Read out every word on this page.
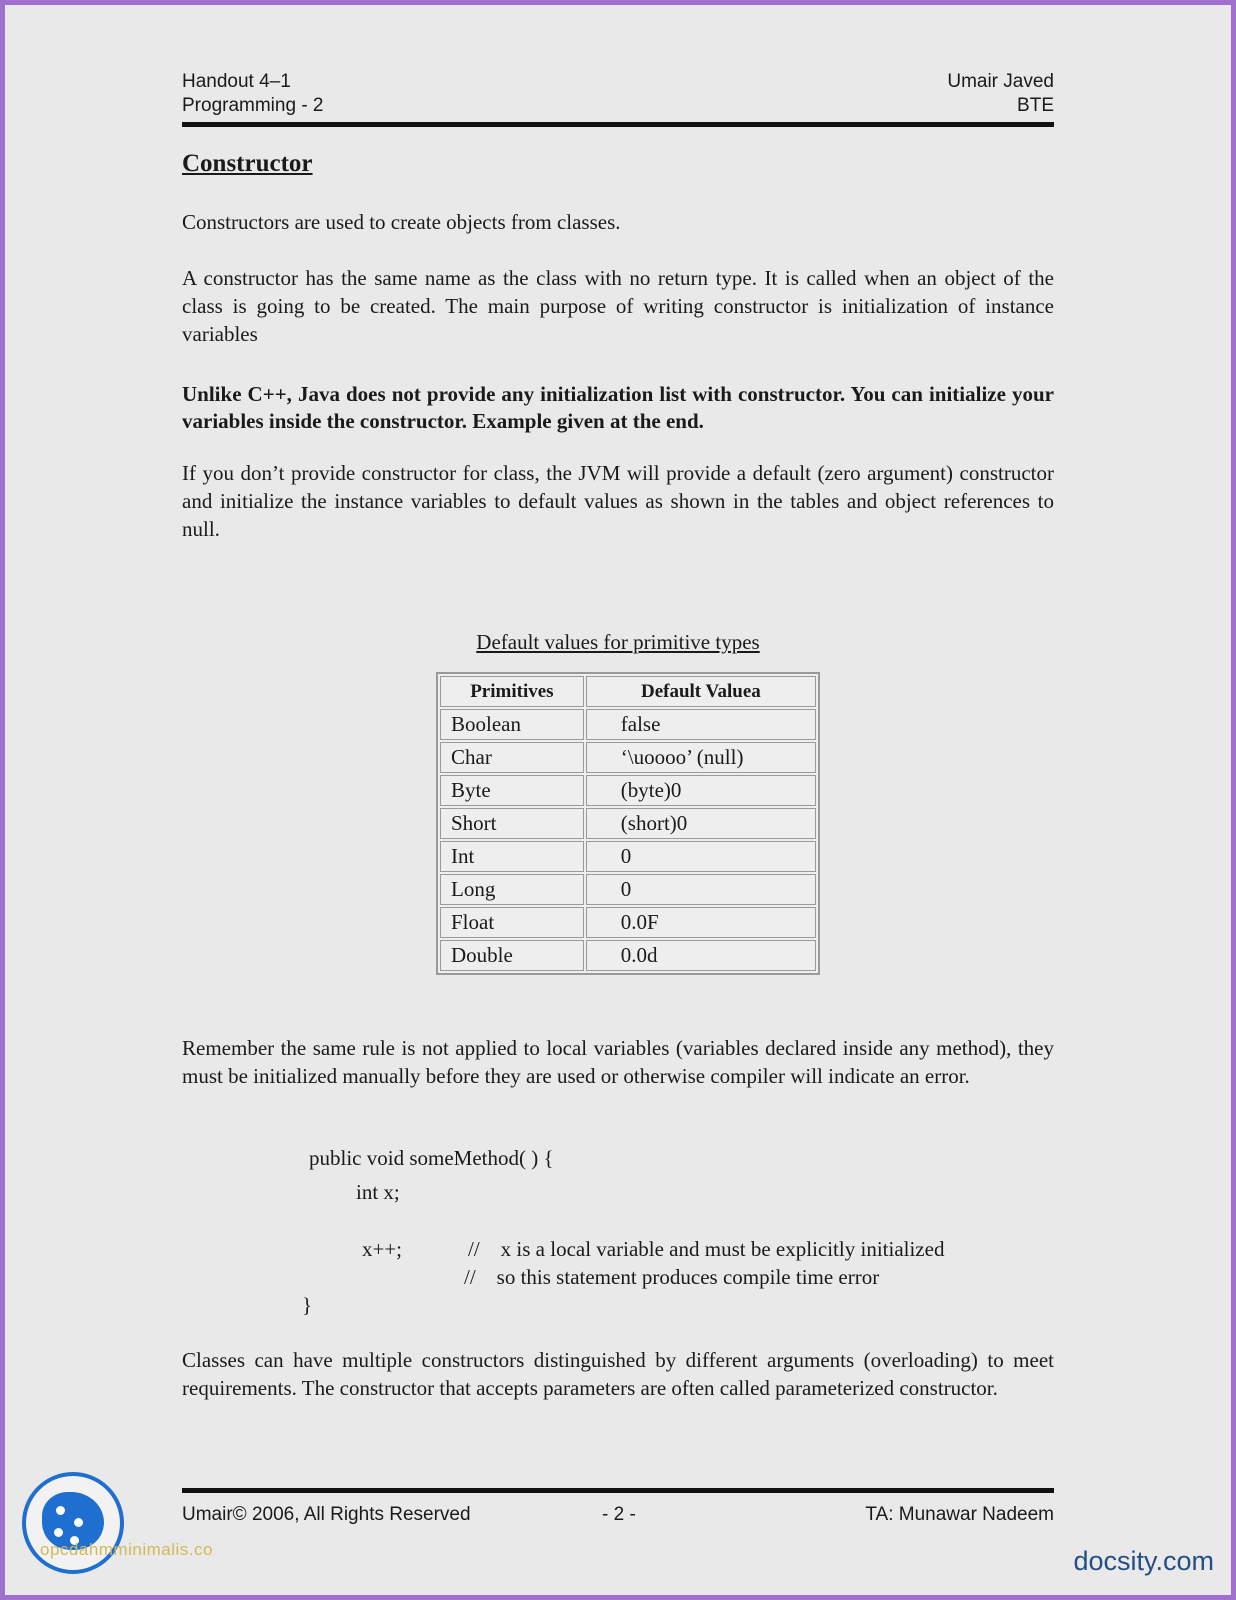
Handout 4–1
Programming - 2
Umair Javed
BTE
Constructor
Constructors are used to create objects from classes.
A constructor has the same name as the class with no return type. It is called when an object of the class is going to be created. The main purpose of writing constructor is initialization of instance variables
Unlike C++, Java does not provide any initialization list with constructor. You can initialize your variables inside the constructor. Example given at the end.
If you don’t provide constructor for class, the JVM will provide a default (zero argument) constructor and initialize the instance variables to default values as shown in the tables and object references to null.
Default values for primitive types
Primitives	Default Valuea
Boolean	false
Char	‘\uoooo’ (null)
Byte	(byte)0
Short	(short)0
Int	0
Long	0
Float	0.0F
Double	0.0d
Remember the same rule is not applied to local variables (variables declared inside any method), they must be initialized manually before they are used or otherwise compiler will indicate an error.
public void someMethod( ) {
int x;
x++;	//    x is a local variable and must be explicitly initialized
//    so this statement produces compile time error
}
Classes can have multiple constructors distinguished by different arguments (overloading) to meet requirements. The constructor that accepts parameters are often called parameterized constructor.
Umair© 2006, All Rights Reserved	- 2 -	TA: Munawar Nadeem
opcdahmminimalis.co	docsity.com
